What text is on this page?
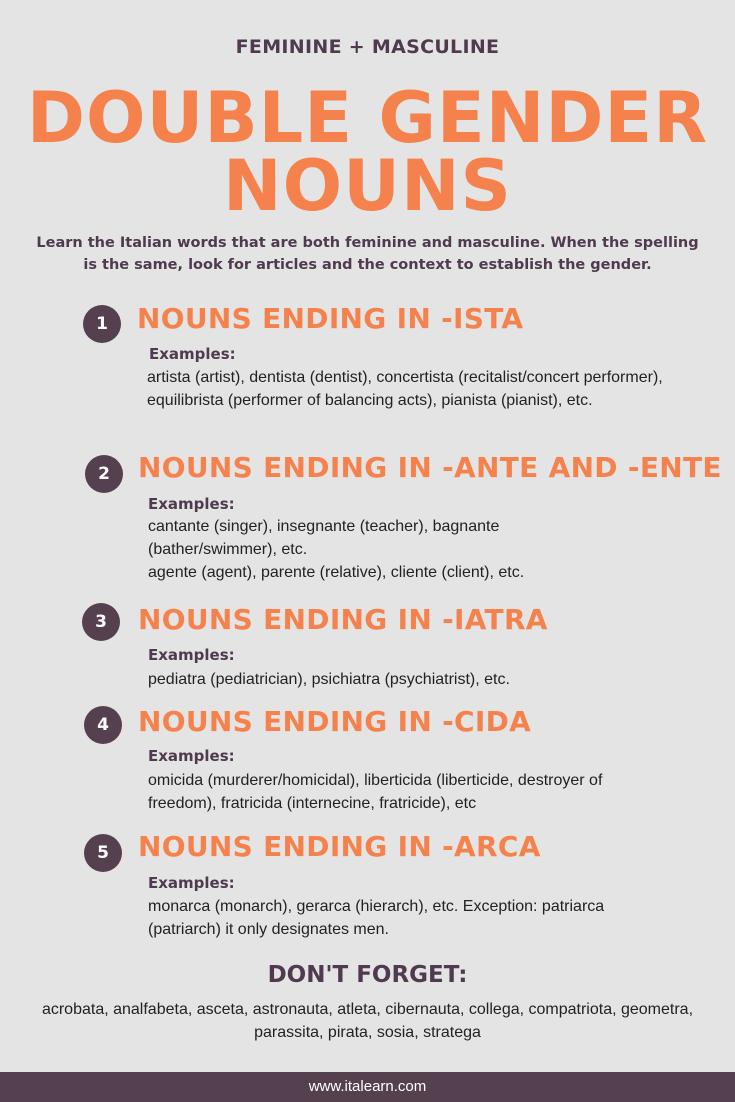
FEMININE + MASCULINE
DOUBLE GENDER
NOUNS
Learn the Italian words that are both feminine and masculine. When the spelling is the same, look for articles and the context to establish the gender.
1	NOUNS ENDING IN -ISTA
Examples:
artista (artist), dentista (dentist), concertista (recitalist/concert performer), equilibrista (performer of balancing acts), pianista (pianist), etc.
2	NOUNS ENDING IN -ANTE AND -ENTE
Examples:
cantante (singer), insegnante (teacher), bagnante (bather/swimmer), etc.
agente (agent), parente (relative), cliente (client), etc.
3	NOUNS ENDING IN -IATRA
Examples:
pediatra (pediatrician), psichiatra (psychiatrist), etc.
4	NOUNS ENDING IN -CIDA
Examples:
omicida (murderer/homicidal), liberticida (liberticide, destroyer of freedom), fratricida (internecine, fratricide), etc
5	NOUNS ENDING IN -ARCA
Examples:
monarca (monarch), gerarca (hierarch), etc. Exception: patriarca (patriarch) it only designates men.
DON'T FORGET:
acrobata, analfabeta, asceta, astronauta, atleta, cibernauta, collega, compatriota, geometra, parassita, pirata, sosia, stratega
www.italearn.com
